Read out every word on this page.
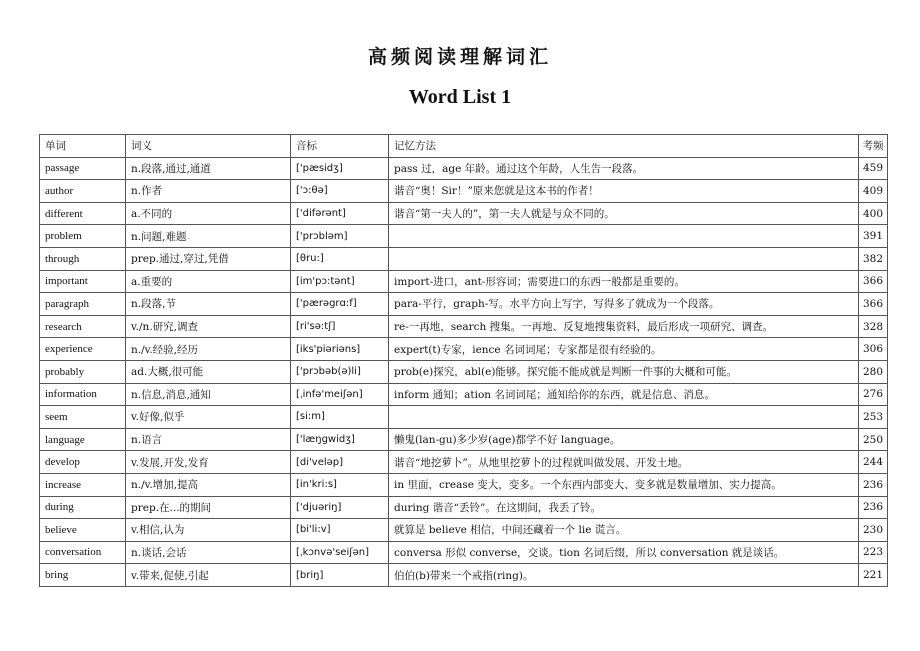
高频阅读理解词汇
Word List 1
单词	词义	音标	记忆方法	考频
passage	n.段落,通过,通道	['pæsidʒ]	pass 过，age 年龄。通过这个年龄，人生告一段落。	459
author	n.作者	['ɔ:θə]	谐音“奥！Sir！”原来您就是这本书的作者！	409
different	a.不同的	['difərənt]	谐音“第一夫人的”，第一夫人就是与众不同的。	400
problem	n.问题,难题	['prɔbləm]		391
through	prep.通过,穿过,凭借	[θru:]		382
important	a.重要的	[im'pɔ:tənt]	import-进口，ant-形容词；需要进口的东西一般都是重要的。	366
paragraph	n.段落,节	['pærəgrɑ:f]	para-平行，graph-写。水平方向上写字，写得多了就成为一个段落。	366
research	v./n.研究,调查	[ri'sə:tʃ]	re-一再地，search 搜集。一再地、反复地搜集资料，最后形成一项研究、调查。	328
experience	n./v.经验,经历	[iks'piəriəns]	expert(t)专家，ience 名词词尾；专家都是很有经验的。	306
probably	ad.大概,很可能	['prɔbəb(ə)li]	prob(e)探究，abl(e)能够。探究能不能成就是判断一件事的大概和可能。	280
information	n.信息,消息,通知	[ˌinfə'meiʃən]	inform 通知；ation 名词词尾；通知给你的东西，就是信息、消息。	276
seem	v.好像,似乎	[si:m]		253
language	n.语言	['læŋgwidʒ]	懒鬼(lan-gu)多少岁(age)都学不好 language。	250
develop	v.发展,开发,发育	[di'veləp]	谐音“地挖萝卜”。从地里挖萝卜的过程就叫做发展、开发土地。	244
increase	n./v.增加,提高	[in'kri:s]	in 里面，crease 变大，变多。一个东西内部变大、变多就是数量增加、实力提高。	236
during	prep.在...的期间	['djuəriŋ]	during 谐音“丢铃”。在这期间，我丢了铃。	236
believe	v.相信,认为	[bi'li:v]	就算是 believe 相信，中间还藏着一个 lie 谎言。	230
conversation	n.谈话,会话	[ˌkɔnvə'seiʃən]	conversa 形似 converse，交谈。tion 名词后缀，所以 conversation 就是谈话。	223
bring	v.带来,促使,引起	[briŋ]	伯伯(b)带来一个戒指(ring)。	221
